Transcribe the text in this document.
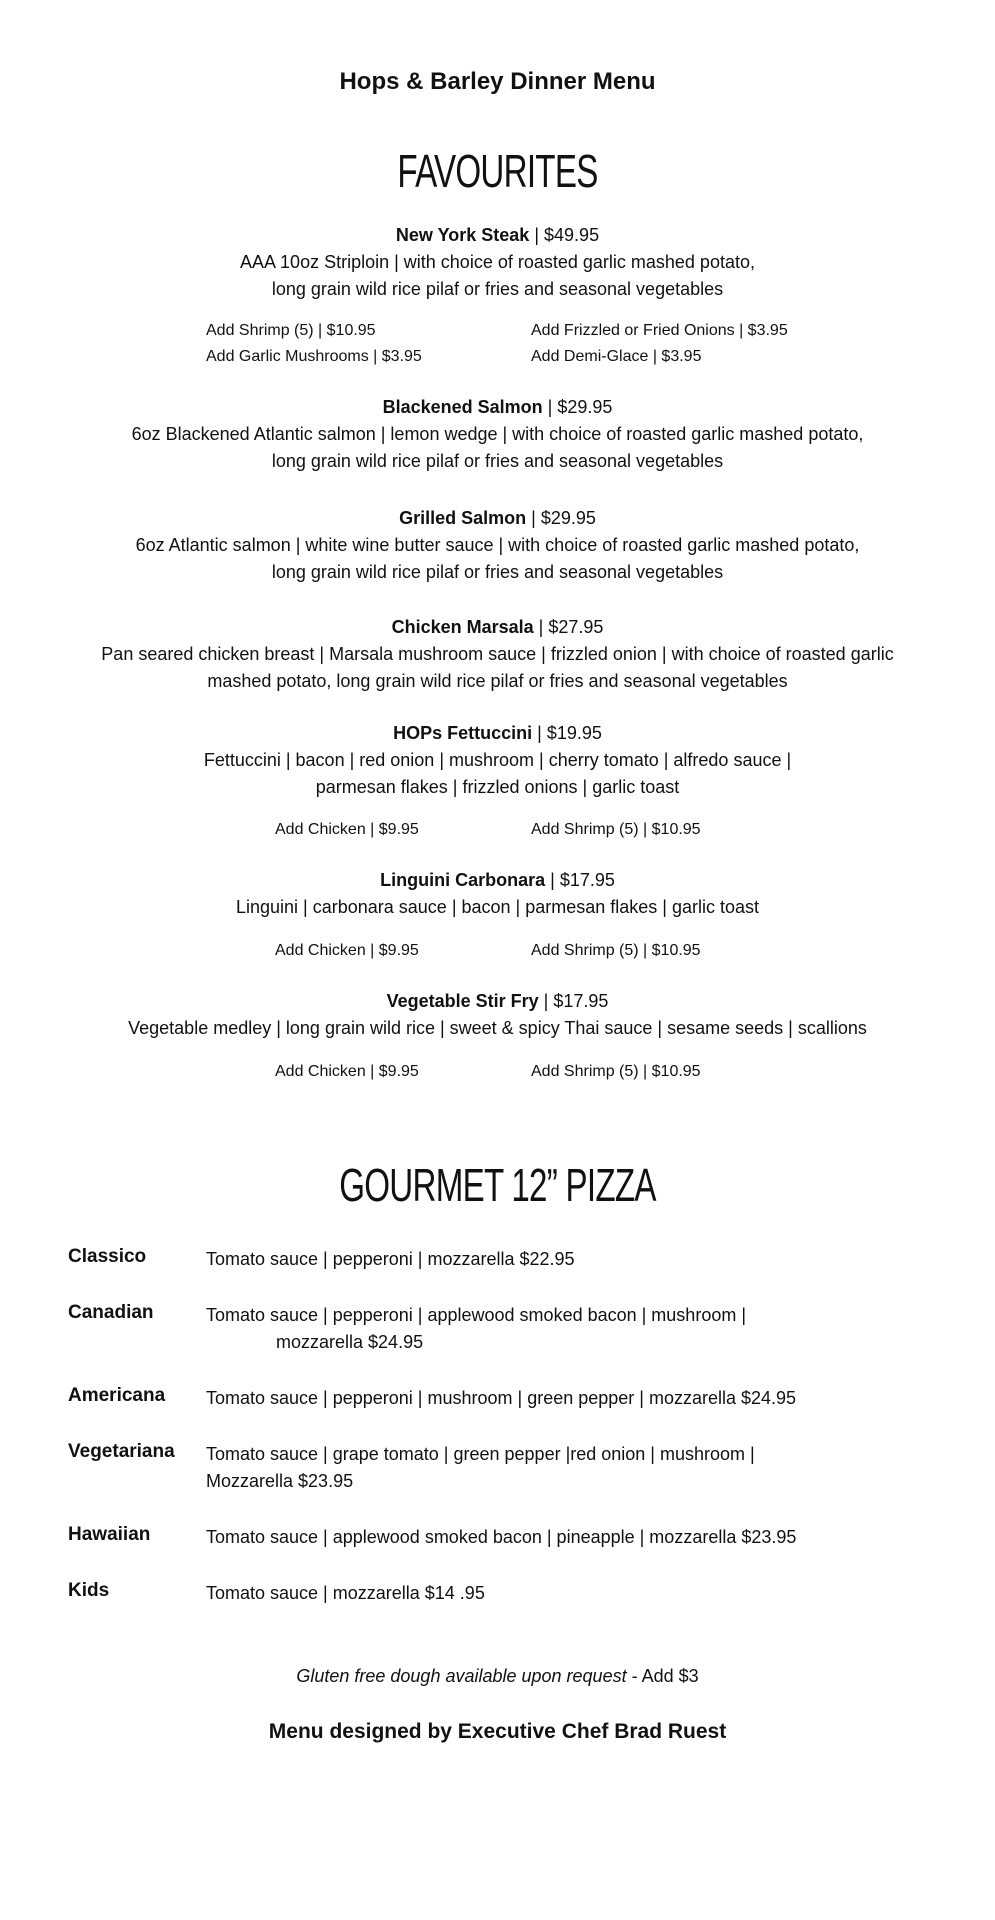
Hops & Barley Dinner Menu
FAVOURITES
New York Steak | $49.95
AAA 10oz Striploin | with choice of roasted garlic mashed potato,
long grain wild rice pilaf or fries and seasonal vegetables
Add Shrimp (5) | $10.95	Add Frizzled or Fried Onions | $3.95
Add Garlic Mushrooms | $3.95	Add Demi-Glace | $3.95
Blackened Salmon | $29.95
6oz Blackened Atlantic salmon | lemon wedge | with choice of roasted garlic mashed potato,
long grain wild rice pilaf or fries and seasonal vegetables
Grilled Salmon | $29.95
6oz Atlantic salmon | white wine butter sauce | with choice of roasted garlic mashed potato,
long grain wild rice pilaf or fries and seasonal vegetables
Chicken Marsala | $27.95
Pan seared chicken breast | Marsala mushroom sauce | frizzled onion | with choice of roasted garlic
mashed potato, long grain wild rice pilaf or fries and seasonal vegetables
HOPs Fettuccini | $19.95
Fettuccini | bacon | red onion | mushroom | cherry tomato | alfredo sauce |
parmesan flakes | frizzled onions | garlic toast
Add Chicken | $9.95	Add Shrimp (5) | $10.95
Linguini Carbonara | $17.95
Linguini | carbonara sauce | bacon | parmesan flakes | garlic toast
Add Chicken | $9.95	Add Shrimp (5) | $10.95
Vegetable Stir Fry | $17.95
Vegetable medley | long grain wild rice | sweet & spicy Thai sauce | sesame seeds | scallions
Add Chicken | $9.95	Add Shrimp (5) | $10.95
GOURMET 12” PIZZA
Classico	Tomato sauce | pepperoni | mozzarella $22.95
Canadian	Tomato sauce | pepperoni | applewood smoked bacon | mushroom |
mozzarella $24.95
Americana Tomato sauce | pepperoni | mushroom | green pepper | mozzarella $24.95
Vegetariana Tomato sauce | grape tomato | green pepper |red onion | mushroom |
Mozzarella $23.95
Hawaiian	Tomato sauce | applewood smoked bacon | pineapple | mozzarella $23.95
Kids	Tomato sauce | mozzarella $14 .95
Gluten free dough available upon request - Add $3
Menu designed by Executive Chef Brad Ruest
